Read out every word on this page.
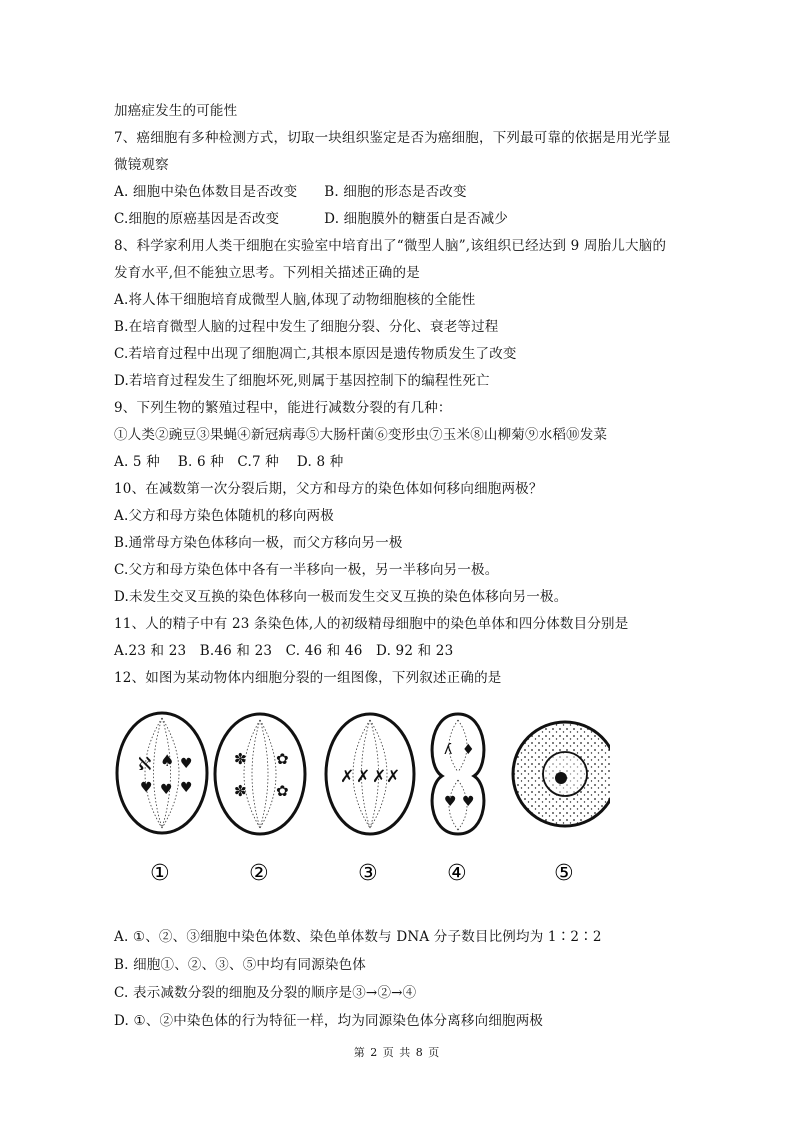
加癌症发生的可能性
7、癌细胞有多种检测方式，切取一块组织鉴定是否为癌细胞，下列最可靠的依据是用光学显
微镜观察
A. 细胞中染色体数目是否改变      B. 细胞的形态是否改变
C.细胞的原癌基因是否改变          D. 细胞膜外的糖蛋白是否减少
8、科学家利用人类干细胞在实验室中培育出了“微型人脑”,该组织已经达到 9 周胎儿大脑的
发育水平,但不能独立思考。下列相关描述正确的是
A.将人体干细胞培育成微型人脑,体现了动物细胞核的全能性
B.在培育微型人脑的过程中发生了细胞分裂、分化、衰老等过程
C.若培育过程中出现了细胞凋亡,其根本原因是遗传物质发生了改变
D.若培育过程发生了细胞坏死,则属于基因控制下的编程性死亡
9、下列生物的繁殖过程中，能进行减数分裂的有几种：
①人类②豌豆③果蝇④新冠病毒⑤大肠杆菌⑥变形虫⑦玉米⑧山柳菊⑨水稻⑩发菜
A. 5 种    B. 6 种   C.7 种    D. 8 种
10、在减数第一次分裂后期，父方和母方的染色体如何移向细胞两极？
A.父方和母方染色体随机的移向两极
B.通常母方染色体移向一极，而父方移向另一极
C.父方和母方染色体中各有一半移向一极，另一半移向另一极。
D.未发生交叉互换的染色体移向一极而发生交叉互换的染色体移向另一极。
11、人的精子中有 23 条染色体,人的初级精母细胞中的染色单体和四分体数目分别是
A.23 和 23   B.46 和 23   C. 46 和 46   D. 92 和 23
12、如图为某动物体内细胞分裂的一组图像，下列叙述正确的是
ℵ ♠ ♥
♥ ♥ ♥
✽ ✿
✽ ✿
✗ ✗ ✗ ✗
ʎ ♦
♥ ♥
①	②	③	④	⑤
A. ①、②、③细胞中染色体数、染色单体数与 DNA 分子数目比例均为 1∶2∶2
B. 细胞①、②、③、⑤中均有同源染色体
C. 表示减数分裂的细胞及分裂的顺序是③→②→④
D. ①、②中染色体的行为特征一样，均为同源染色体分离移向细胞两极
第 2 页 共 8 页
